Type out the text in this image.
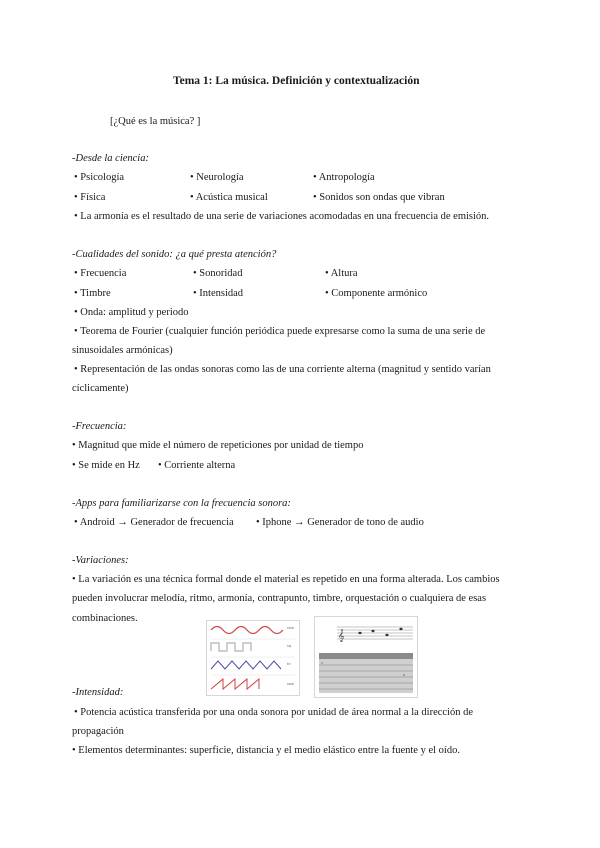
Tema 1: La música. Definición y contextualización
[¿Qué es la música? ]
-Desde la ciencia:
• Psicología	• Neurología	• Antropología
• Física	• Acústica musical	• Sonidos son ondas que vibran
• La armonía es el resultado de una serie de variaciones acomodadas en una frecuencia de emisión.
-Cualidades del sonido: ¿a qué presta atención?
• Frecuencia	• Sonoridad	• Altura
• Timbre	• Intensidad	• Componente armónico
• Onda: amplitud y periodo
• Teorema de Fourier (cualquier función periódica puede expresarse como la suma de una serie de
sinusoidales armónicas)
• Representación de las ondas sonoras como las de una corriente alterna (magnitud y sentido varían
cíclicamente)
-Frecuencia:
• Magnitud que mide el número de repeticiones por unidad de tiempo
• Se mide en Hz • Corriente alterna
-Apps para familiarizarse con la frecuencia sonora:
• Android → Generador de frecuencia • Iphone → Generador de tono de audio
-Variaciones:
• La variación es una técnica formal donde el material es repetido en una forma alterada. Los cambios
pueden involucrar melodía, ritmo, armonía, contrapunto, timbre, orquestación o cualquiera de esas
combinaciones.
sine
sq
tri
saw
𝄞
1
2
-Intensidad:
• Potencia acústica transferida por una onda sonora por unidad de área normal a la dirección de
propagación
• Elementos determinantes: superficie, distancia y el medio elástico entre la fuente y el oído.
